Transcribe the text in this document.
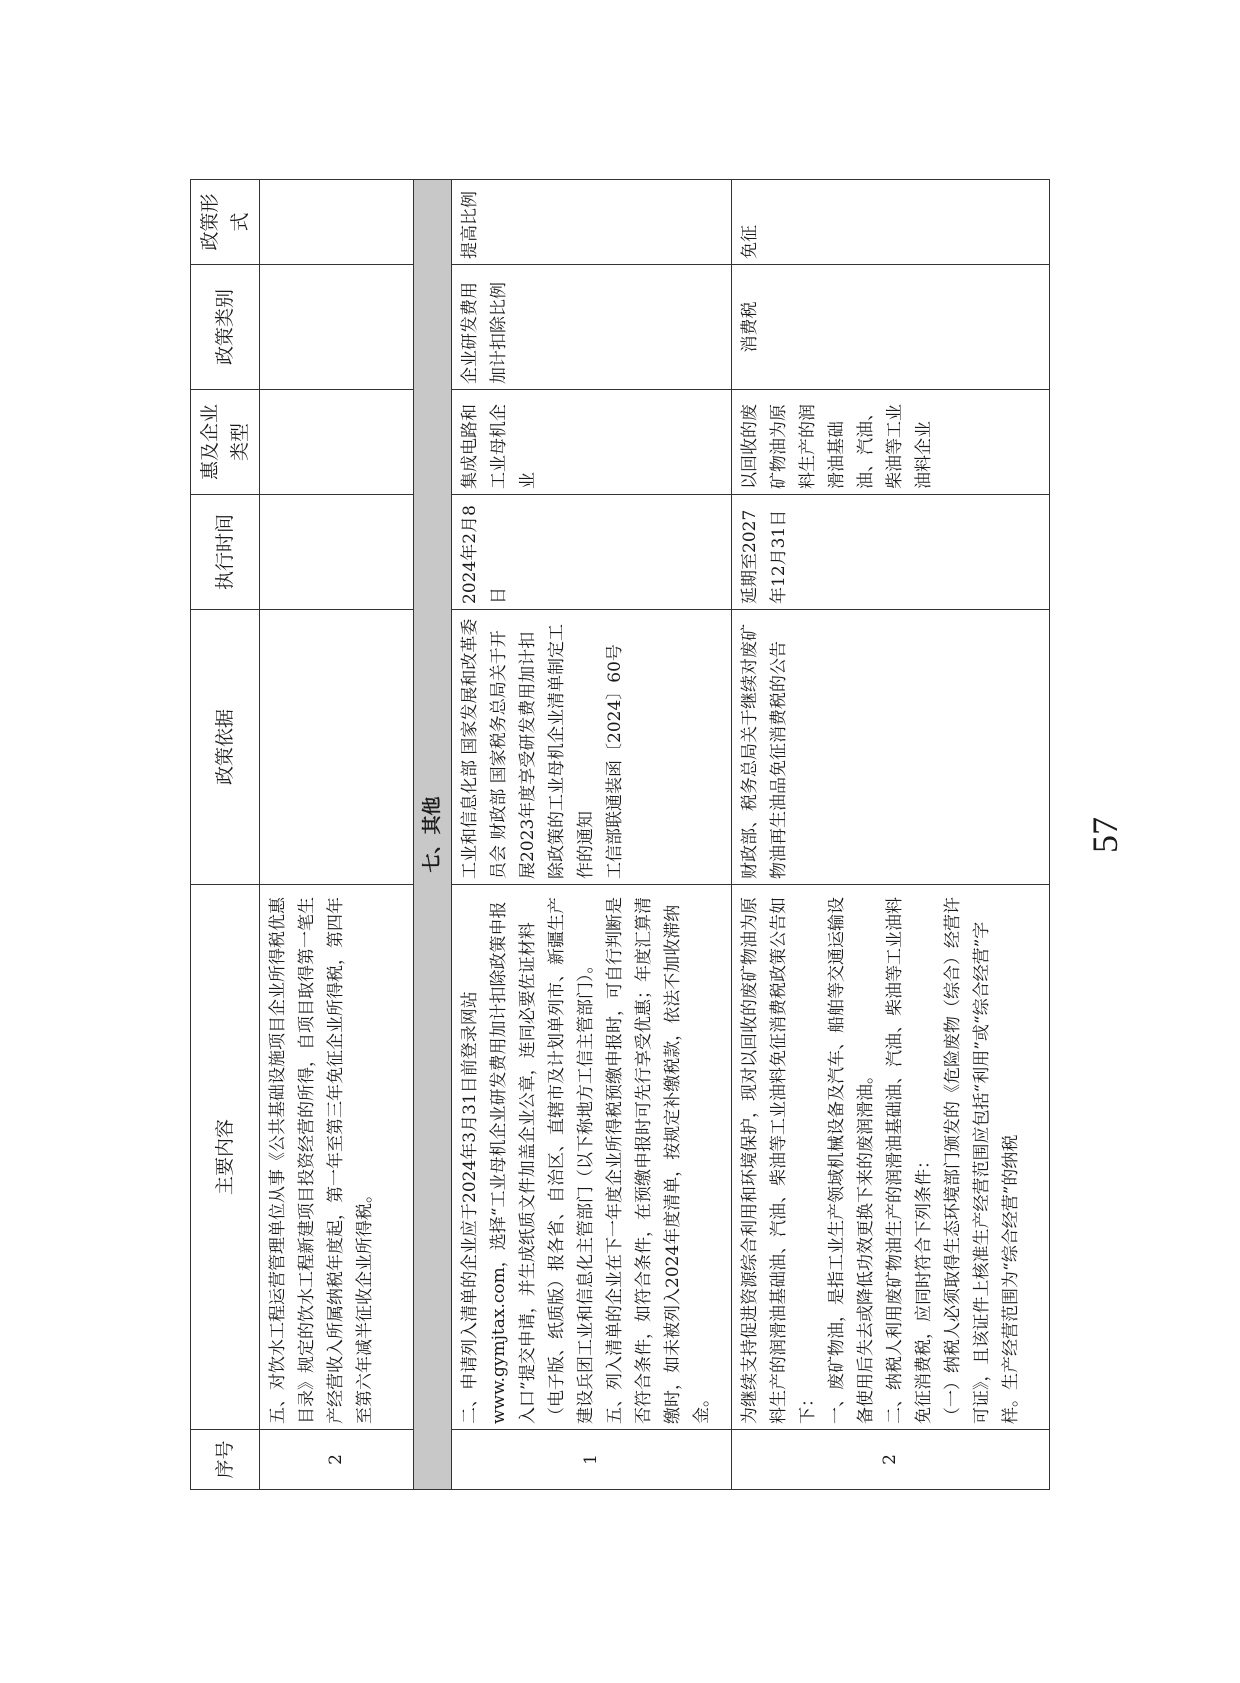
序号	主要内容	政策依据	执行时间	惠及企业类型	政策类别	政策形式
2	五、对饮水工程运营管理单位从事《公共基础设施项目企业所得税优惠目录》规定的饮水工程新建项目投资经营的所得，自项目取得第一笔生产经营收入所属纳税年度起，第一年至第三年免征企业所得税，第四年至第六年减半征收企业所得税。					
七、其他						
1	二、申请列入清单的企业应于2024年3月31日前登录网站www.gymjtax.com，选择“工业母机企业研发费用加计扣除政策申报入口”提交申请，并生成纸质文件加盖企业公章，连同必要佐证材料（电子版、纸质版）报各省、自治区、直辖市及计划单列市、新疆生产建设兵团工业和信息化主管部门（以下称地方工信主管部门）。 五、列入清单的企业在下一年度企业所得税预缴申报时，可自行判断是否符合条件，如符合条件，在预缴申报时可先行享受优惠；年度汇算清缴时，如未被列入2024年度清单，按规定补缴税款，依法不加收滞纳金。	工业和信息化部 国家发展和改革委员会 财政部 国家税务总局关于开展2023年度享受研发费用加计扣除政策的工业母机企业清单制定工作的通知 工信部联通装函〔2024〕60号	2024年2月8日	集成电路和工业母机企业	企业研发费用加计扣除比例	提高比例
2	为继续支持促进资源综合利用和环境保护，现对以回收的废矿物油为原料生产的润滑油基础油、汽油、柴油等工业油料免征消费税政策公告如下： 一、废矿物油，是指工业生产领域机械设备及汽车、船舶等交通运输设备使用后失去或降低功效更换下来的废润滑油。 二、纳税人利用废矿物油生产的润滑油基础油、汽油、柴油等工业油料免征消费税，应同时符合下列条件： （一）纳税人必须取得生态环境部门颁发的《危险废物（综合）经营许可证》，且该证件上核准生产经营范围应包括“利用”或“综合经营”字样。生产经营范围为“综合经营”的纳税	财政部、税务总局关于继续对废矿物油再生油品免征消费税的公告	延期至2027年12月31日	以回收的废矿物油为原料生产的润滑油基础油、汽油、柴油等工业油料企业	消费税	免征
57
